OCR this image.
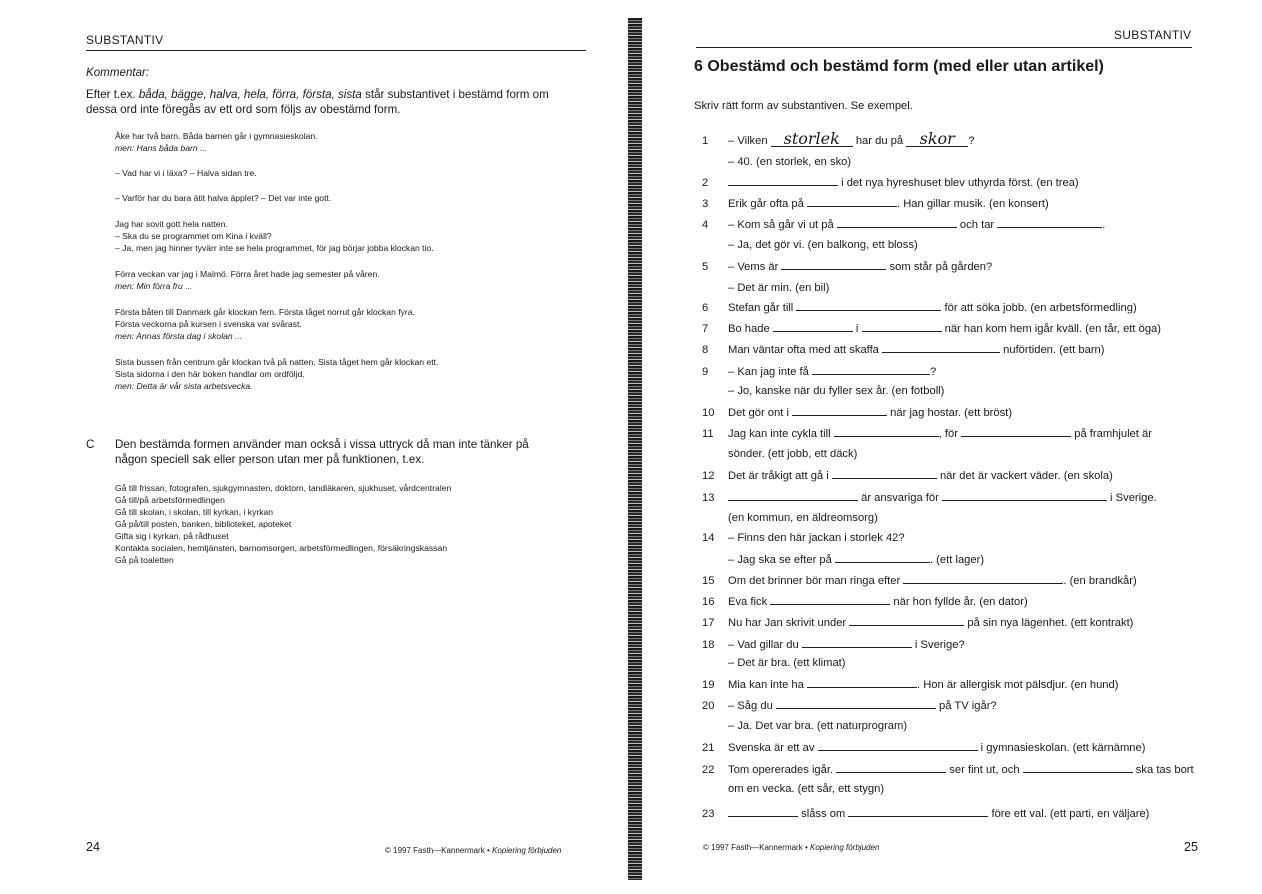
SUBSTANTIV
Kommentar:
Efter t.ex. båda, bägge, halva, hela, förra, första, sista står substantivet i bestämd form om
dessa ord inte föregås av ett ord som följs av obestämd form.
Åke har två barn. Båda barnen går i gymnasieskolan.
men: Hans båda barn ...
– Vad har vi i läxa? – Halva sidan tre.
– Varför har du bara ätit halva äpplet? – Det var inte gott.
Jag har sovit gott hela natten.
– Ska du se programmet om Kina i kväll?
– Ja, men jag hinner tyvärr inte se hela programmet, för jag börjar jobba klockan tio.
Förra veckan var jag i Malmö. Förra året hade jag semester på våren.
men: Min förra fru ...
Första båten till Danmark går klockan fem. Första tåget norrut går klockan fyra.
Första veckorna på kursen i svenska var svårast.
men: Annas första dag i skolan ...
Sista bussen från centrum går klockan två på natten. Sista tåget hem går klockan ett.
Sista sidorna i den här boken handlar om ordföljd.
men: Detta är vår sista arbetsvecka.
C Den bestämda formen använder man också i vissa uttryck då man inte tänker på
någon speciell sak eller person utan mer på funktionen, t.ex.
Gå till frissan, fotografen, sjukgymnasten, doktorn, tandläkaren, sjukhuset, vårdcentralen
Gå till/på arbetsförmedlingen
Gå till skolan, i skolan, till kyrkan, i kyrkan
Gå på/till posten, banken, biblioteket, apoteket
Gifta sig i kyrkan, på rådhuset
Kontakta socialen, hemtjänsten, barnomsorgen, arbetsförmedlingen, försäkringskassan
Gå på toaletten
24	© 1997 Fasth—Kannermark • Kopiering förbjuden
SUBSTANTIV
6 Obestämd och bestämd form (med eller utan artikel)
Skriv rätt form av substantiven. Se exempel.
1 – Vilken storlek har du på skor ?
– 40. (en storlek, en sko)
2	i det nya hyreshuset blev uthyrda först. (en trea)
3 Erik går ofta på	. Han gillar musik. (en konsert)
4 – Kom så går vi ut på	och tar	.
– Ja, det gör vi. (en balkong, ett bloss)
5 – Vems är	som står på gården?
– Det är min. (en bil)
6 Stefan går till	för att söka jobb. (en arbetsförmedling)
7 Bo hade	i	när han kom hem igår kväll. (en tår, ett öga)
8 Man väntar ofta med att skaffa	nuförtiden. (ett barn)
9 – Kan jag inte få	?
– Jo, kanske när du fyller sex år. (en fotboll)
10 Det gör ont i	när jag hostar. (ett bröst)
11 Jag kan inte cykla till	, för	på framhjulet är
sönder. (ett jobb, ett däck)
12 Det är tråkigt att gå i	när det är vackert väder. (en skola)
13	är ansvariga för	i Sverige.
(en kommun, en äldreomsorg)
14 – Finns den här jackan i storlek 42?
– Jag ska se efter på	. (ett lager)
15 Om det brinner bör man ringa efter	. (en brandkår)
16 Eva fick	när hon fyllde år. (en dator)
17 Nu har Jan skrivit under	på sin nya lägenhet. (ett kontrakt)
18 – Vad gillar du	i Sverige?
– Det är bra. (ett klimat)
19 Mia kan inte ha	. Hon är allergisk mot pälsdjur. (en hund)
20 – Såg du	på TV igår?
– Ja. Det var bra. (ett naturprogram)
21 Svenska är ett av	i gymnasieskolan. (ett kärnämne)
22 Tom opererades igår.	ser fint ut, och	ska tas bort
om en vecka. (ett sår, ett stygn)
23	slåss om	före ett val. (ett parti, en väljare)
© 1997 Fasth—Kannermark • Kopiering förbjuden	25
